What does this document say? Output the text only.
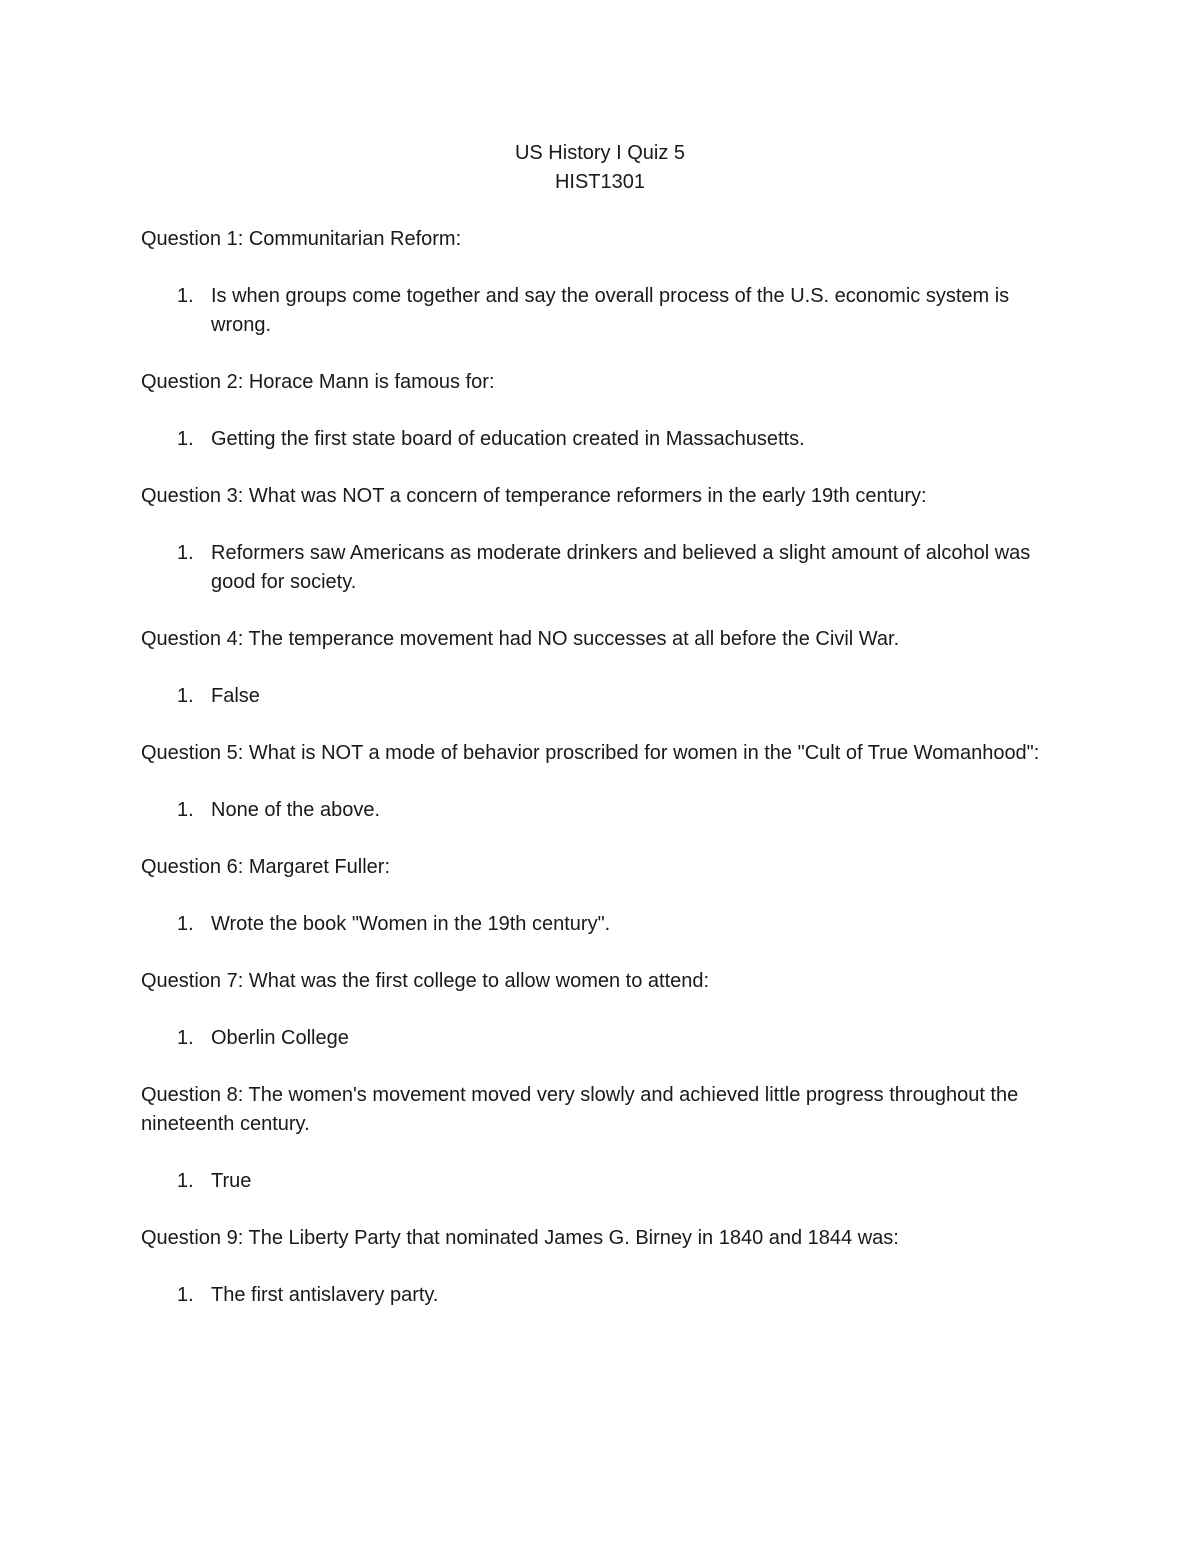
US History I Quiz 5
HIST1301

Question 1: Communitarian Reform:

1. Is when groups come together and say the overall process of the U.S. economic system is wrong.

Question 2: Horace Mann is famous for:

1. Getting the first state board of education created in Massachusetts.

Question 3: What was NOT a concern of temperance reformers in the early 19th century:

1. Reformers saw Americans as moderate drinkers and believed a slight amount of alcohol was good for society.

Question 4: The temperance movement had NO successes at all before the Civil War.

1. False

Question 5: What is NOT a mode of behavior proscribed for women in the "Cult of True Womanhood":

1. None of the above.

Question 6: Margaret Fuller:

1. Wrote the book "Women in the 19th century".

Question 7: What was the first college to allow women to attend:

1. Oberlin College

Question 8: The women's movement moved very slowly and achieved little progress throughout the nineteenth century.

1. True

Question 9: The Liberty Party that nominated James G. Birney in 1840 and 1844 was:

1. The first antislavery party.
